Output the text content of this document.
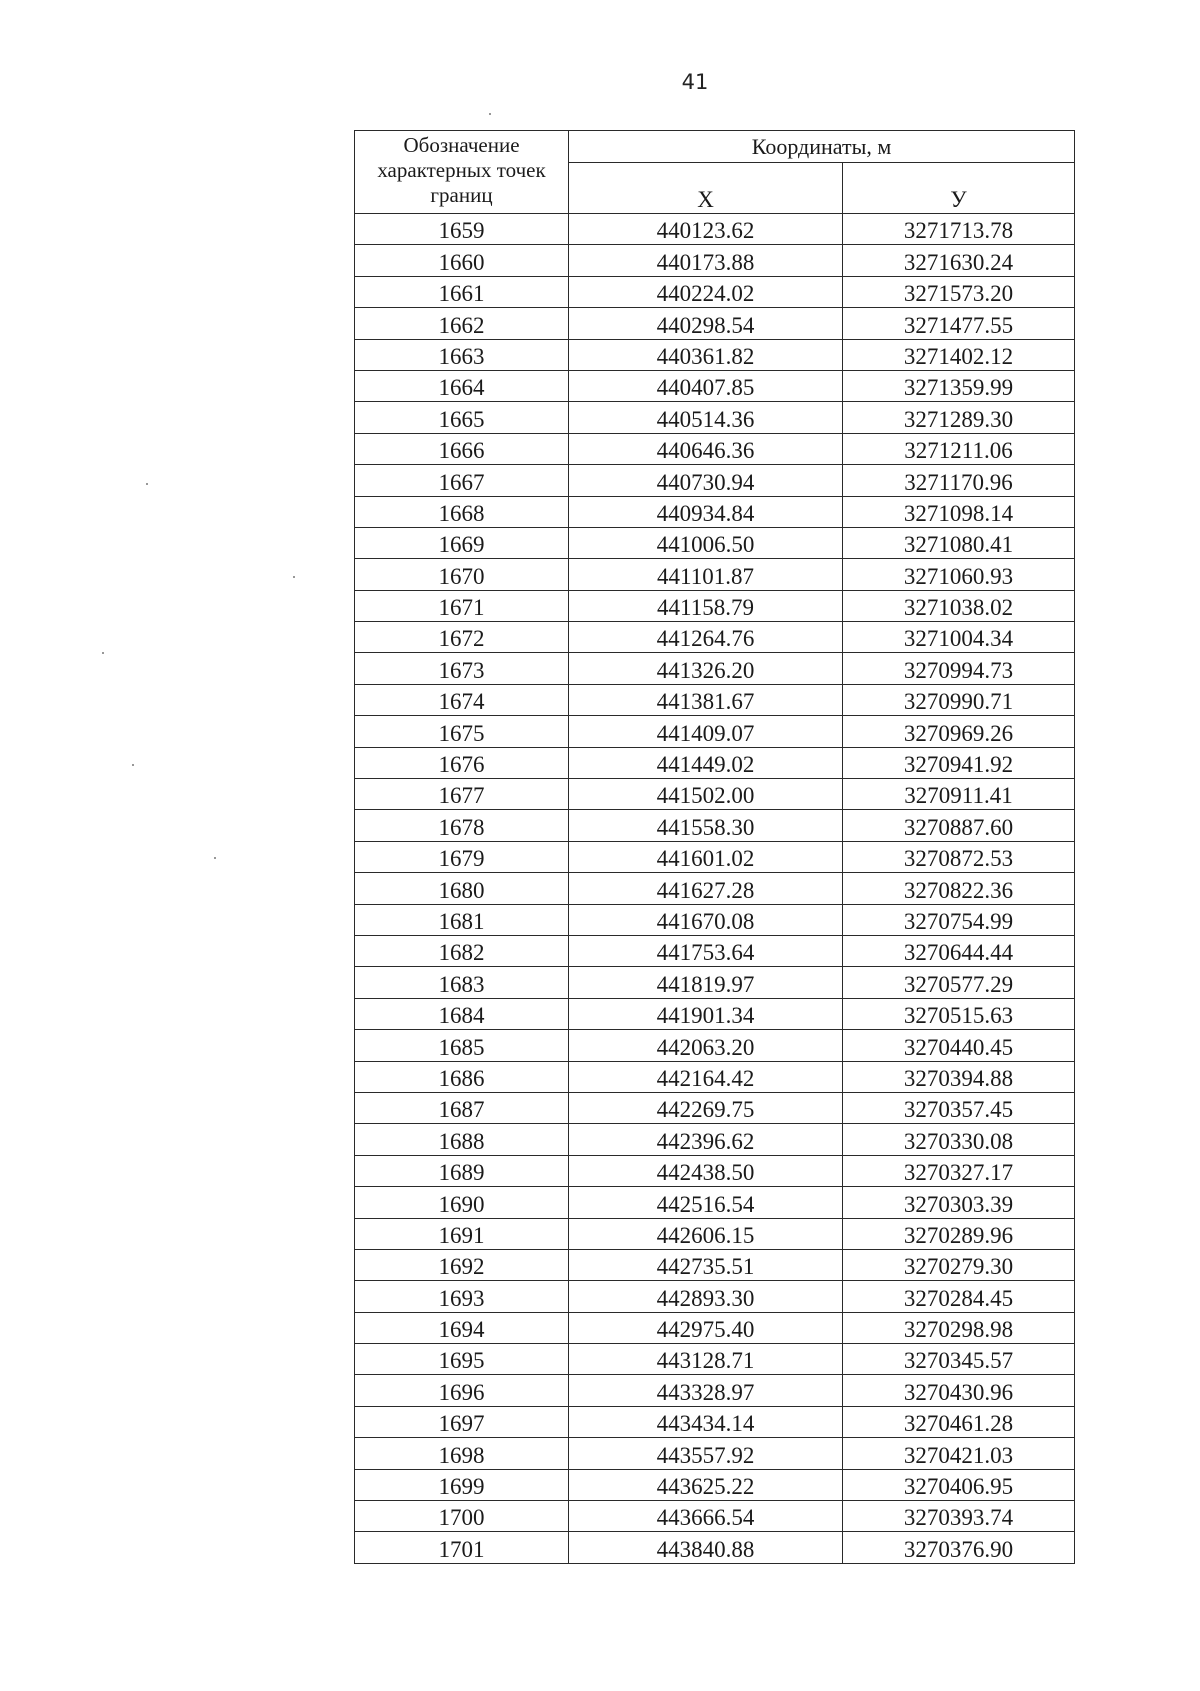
41
Обозначение характерных точек границ	Координаты, м	
	X	У
1659	440123.62	3271713.78
1660	440173.88	3271630.24
1661	440224.02	3271573.20
1662	440298.54	3271477.55
1663	440361.82	3271402.12
1664	440407.85	3271359.99
1665	440514.36	3271289.30
1666	440646.36	3271211.06
1667	440730.94	3271170.96
1668	440934.84	3271098.14
1669	441006.50	3271080.41
1670	441101.87	3271060.93
1671	441158.79	3271038.02
1672	441264.76	3271004.34
1673	441326.20	3270994.73
1674	441381.67	3270990.71
1675	441409.07	3270969.26
1676	441449.02	3270941.92
1677	441502.00	3270911.41
1678	441558.30	3270887.60
1679	441601.02	3270872.53
1680	441627.28	3270822.36
1681	441670.08	3270754.99
1682	441753.64	3270644.44
1683	441819.97	3270577.29
1684	441901.34	3270515.63
1685	442063.20	3270440.45
1686	442164.42	3270394.88
1687	442269.75	3270357.45
1688	442396.62	3270330.08
1689	442438.50	3270327.17
1690	442516.54	3270303.39
1691	442606.15	3270289.96
1692	442735.51	3270279.30
1693	442893.30	3270284.45
1694	442975.40	3270298.98
1695	443128.71	3270345.57
1696	443328.97	3270430.96
1697	443434.14	3270461.28
1698	443557.92	3270421.03
1699	443625.22	3270406.95
1700	443666.54	3270393.74
1701	443840.88	3270376.90
